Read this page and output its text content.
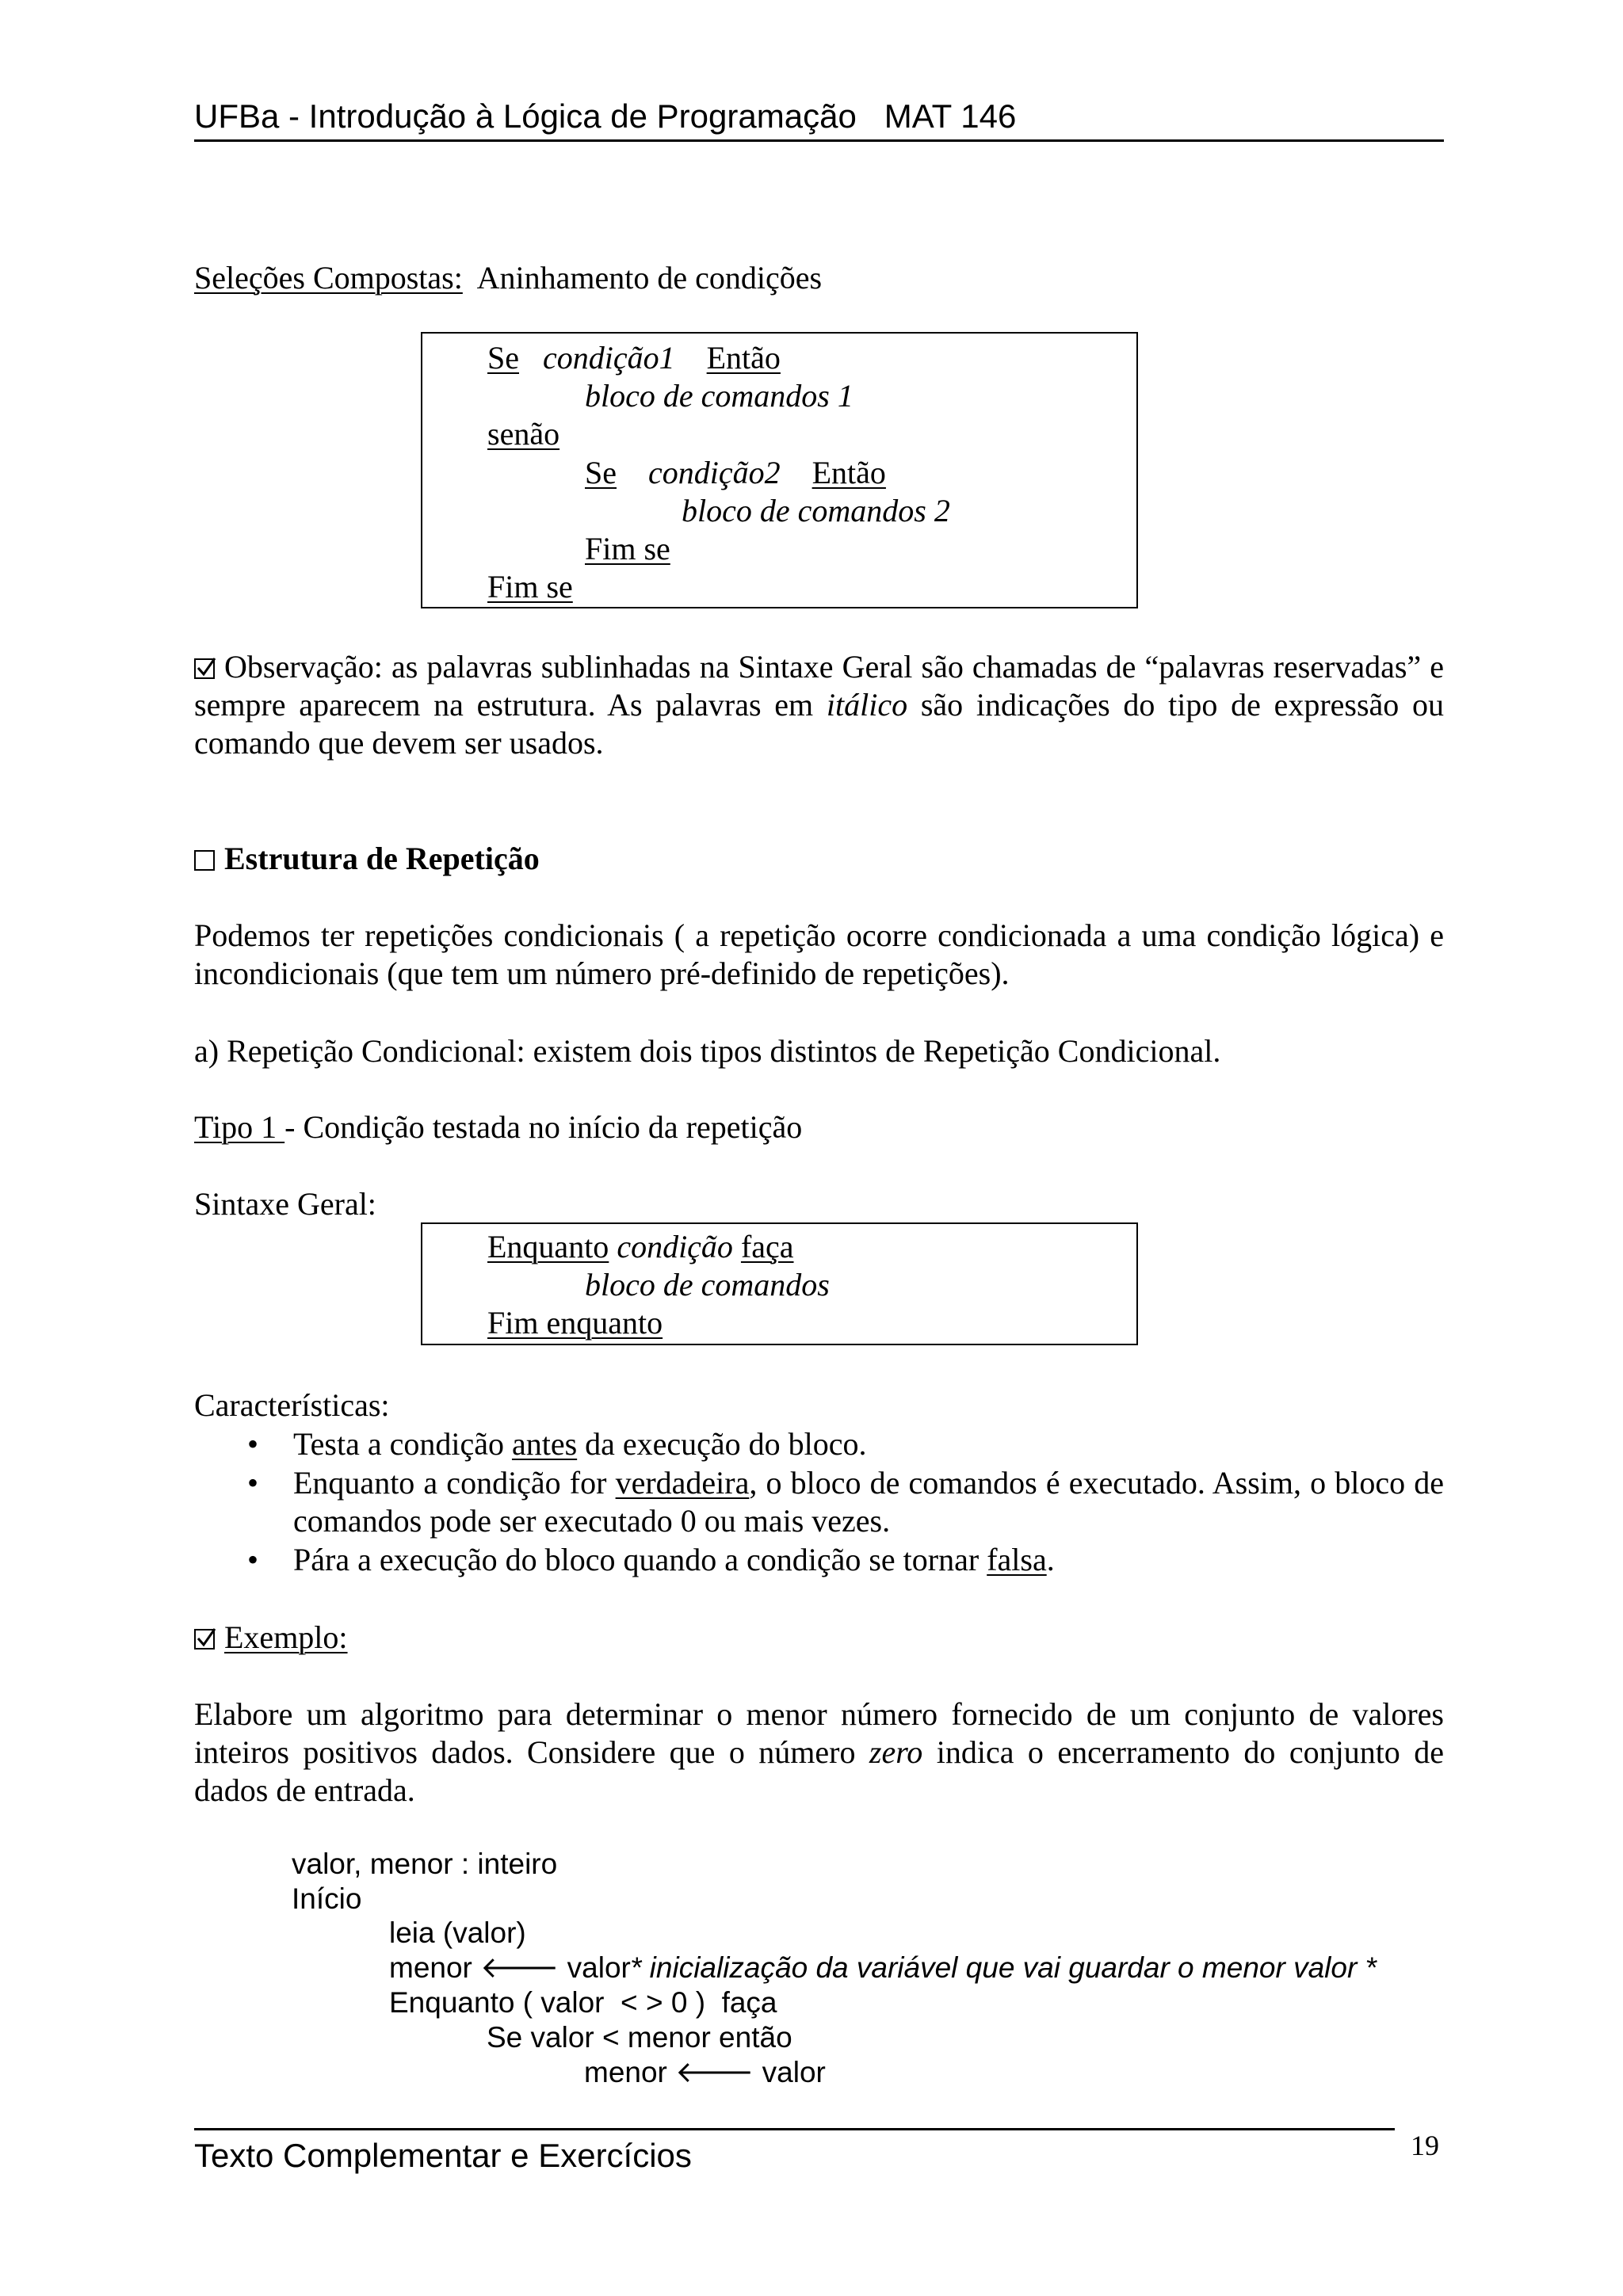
UFBa - Introdução à Lógica de Programação   MAT 146
Seleções Compostas:  Aninhamento de condições
Se condição1 Então
bloco de comandos 1
senão
Se condição2 Então
bloco de comandos 2
Fim se
Fim se
Observação: as palavras sublinhadas na Sintaxe Geral são chamadas de “palavras reservadas” e sempre aparecem na estrutura. As palavras em itálico são indicações do tipo de expressão ou comando que devem ser usados.
Estrutura de Repetição
Podemos ter repetições condicionais ( a repetição ocorre condicionada a uma condição lógica) e incondicionais (que tem um número pré-definido de repetições).
a) Repetição Condicional: existem dois tipos distintos de Repetição Condicional.
Tipo 1 - Condição testada no início da repetição
Sintaxe Geral:
Enquanto condição faça
bloco de comandos
Fim enquanto
Características:
• Testa a condição antes da execução do bloco.
• Enquanto a condição for verdadeira, o bloco de comandos é executado. Assim, o bloco de comandos pode ser executado 0 ou mais vezes.
• Pára a execução do bloco quando a condição se tornar falsa.
Exemplo:
Elabore um algoritmo para determinar o menor número fornecido de um conjunto de valores inteiros positivos dados. Considere que o número zero indica o encerramento do conjunto de dados de entrada.
valor, menor : inteiro
Início
leia (valor)
menor 🡐 valor * inicialização da variável que vai guardar o menor valor *
Enquanto ( valor  < > 0 )  faça
Se valor < menor então
menor 🡐 valor
Texto Complementar e Exercícios	19
